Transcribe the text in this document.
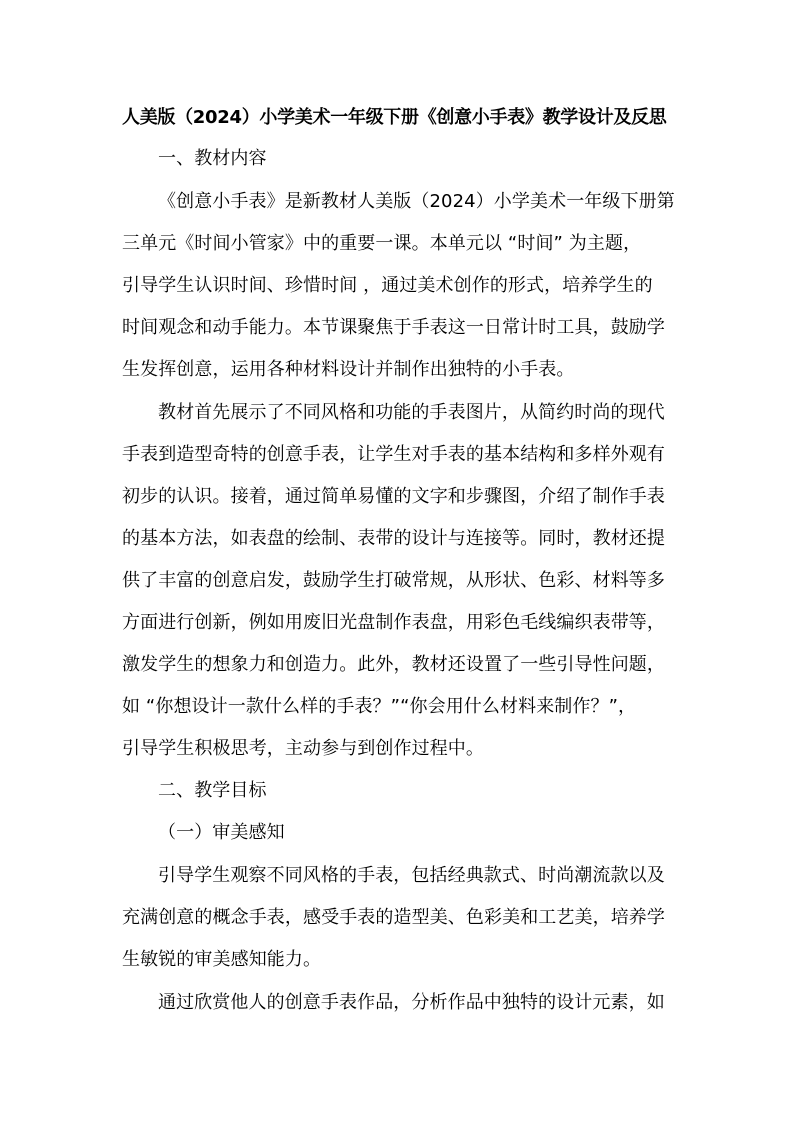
人美版（2024）小学美术一年级下册《创意小手表》教学设计及反思
一、教材内容
《创意小手表》是新教材人美版（2024）小学美术一年级下册第
三单元《时间小管家》中的重要一课。本单元以 “时间” 为主题，
引导学生认识时间、珍惜时间 ，通过美术创作的形式，培养学生的
时间观念和动手能力。本节课聚焦于手表这一日常计时工具，鼓励学
生发挥创意，运用各种材料设计并制作出独特的小手表。
教材首先展示了不同风格和功能的手表图片，从简约时尚的现代
手表到造型奇特的创意手表，让学生对手表的基本结构和多样外观有
初步的认识。接着，通过简单易懂的文字和步骤图，介绍了制作手表
的基本方法，如表盘的绘制、表带的设计与连接等。同时，教材还提
供了丰富的创意启发，鼓励学生打破常规，从形状、色彩、材料等多
方面进行创新，例如用废旧光盘制作表盘，用彩色毛线编织表带等，
激发学生的想象力和创造力。此外，教材还设置了一些引导性问题，
如 “你想设计一款什么样的手表？”“你会用什么材料来制作？”，
引导学生积极思考，主动参与到创作过程中。
二、教学目标
（一）审美感知
引导学生观察不同风格的手表，包括经典款式、时尚潮流款以及
充满创意的概念手表，感受手表的造型美、色彩美和工艺美，培养学
生敏锐的审美感知能力。
通过欣赏他人的创意手表作品，分析作品中独特的设计元素，如
